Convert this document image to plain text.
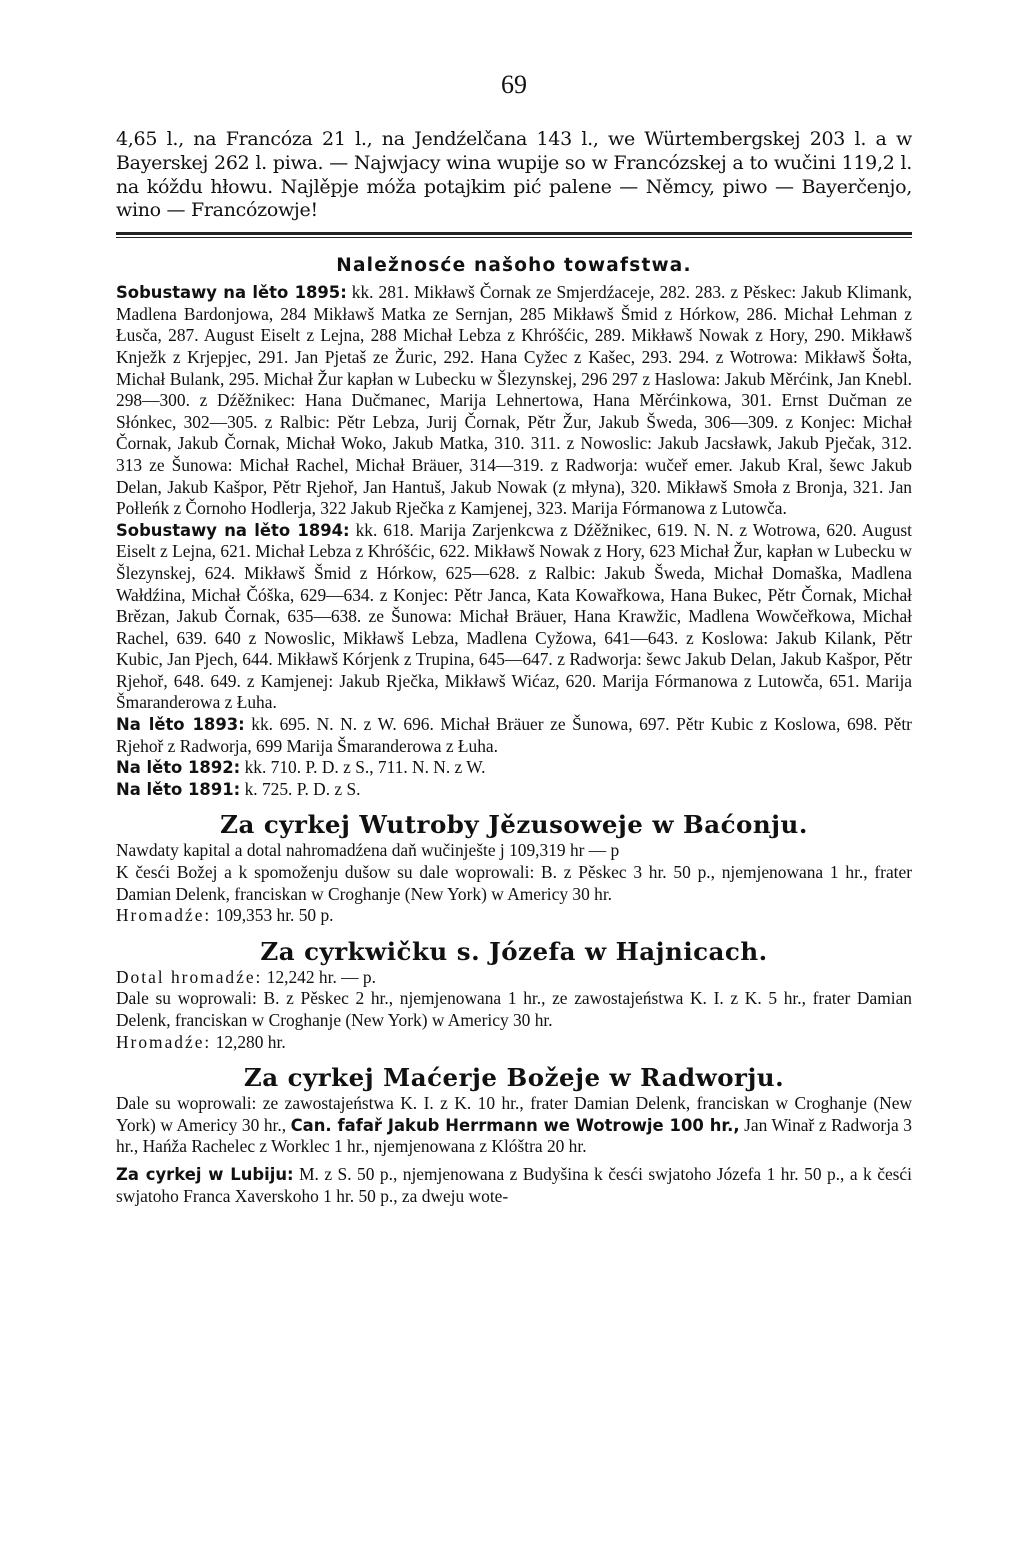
69

4,65 l., na Francóza 21 l., na Jendźelčana 143 l., we Würtembergskej 203 l. a w Bayerskej 262 l. piwa. — Najwjacy wina wupije so w Francózskej a to wučini 119,2 l. na kóždu hłowu. Najlěpje móža potajkim pić palene — Němcy, piwo — Bayerčenjo, wino — Francózowje!

Naležnosće našoho towafstwa.

Sobustawy na lěto 1895: kk. 281. Mikławš Čornak ze Smjerdźaceje, 282. 283. z Pěskec: Jakub Klimank, Madlena Bardonjowa, 284 Mikławš Matka ze Sernjan, 285 Mikławš Šmid z Hórkow, 286. Michał Lehman z Łusča, 287. August Eiselt z Lejna, 288 Michał Lebza z Khróšćic, 289. Mikławš Nowak z Hory, 290. Mikławš Knježk z Krjepjec, 291. Jan Pjetaš ze Žuric, 292. Hana Cyžec z Kašec, 293. 294. z Wotrowa: Mikławš Šołta, Michał Bulank, 295. Michał Žur kapłan w Lubecku w Šlezynskej, 296 297 z Haslowa: Jakub Měrćink, Jan Knebl. 298—300. z Dźěžnikec: Hana Dučmanec, Marija Lehnertowa, Hana Měrćinkowa, 301. Ernst Dučman ze Słónkec, 302—305. z Ralbic: Pětr Lebza, Jurij Čornak, Pětr Žur, Jakub Šweda, 306—309. z Konjec: Michał Čornak, Jakub Čornak, Michał Woko, Jakub Matka, 310. 311. z Nowoslic: Jakub Jacsławk, Jakub Pječak, 312. 313 ze Šunowa: Michał Rachel, Michał Bräuer, 314—319. z Radworja: wučeř emer. Jakub Kral, šewc Jakub Delan, Jakub Kašpor, Pětr Rjehoř, Jan Hantuš, Jakub Nowak (z młyna), 320. Mikławš Smoła z Bronja, 321. Jan Połleńk z Čornoho Hodlerja, 322 Jakub Rječka z Kamjenej, 323. Marija Fórmanowa z Lutowča.

Sobustawy na lěto 1894: kk. 618. Marija Zarjenkcwa z Dźěžnikec, 619. N. N. z Wotrowa, 620. August Eiselt z Lejna, 621. Michał Lebza z Khróšćic, 622. Mikławš Nowak z Hory, 623 Michał Žur, kapłan w Lubecku w Šlezynskej, 624. Mikławš Šmid z Hórkow, 625—628. z Ralbic: Jakub Šweda, Michał Domaška, Madlena Wałdźina, Michał Čóška, 629—634. z Konjec: Pětr Janca, Kata Kowařkowa, Hana Bukec, Pětr Čornak, Michał Brězan, Jakub Čornak, 635—638. ze Šunowa: Michał Bräuer, Hana Krawžic, Madlena Wowčeřkowa, Michał Rachel, 639. 640 z Nowoslic, Mikławš Lebza, Madlena Cyžowa, 641—643. z Koslowa: Jakub Kilank, Pětr Kubic, Jan Pjech, 644. Mikławš Kórjenk z Trupina, 645—647. z Radworja: šewc Jakub Delan, Jakub Kašpor, Pětr Rjehoř, 648. 649. z Kamjenej: Jakub Rječka, Mikławš Wićaz, 620. Marija Fórmanowa z Lutowča, 651. Marija Šmaranderowa z Łuha.

Na lěto 1893: kk. 695. N. N. z W. 696. Michał Bräuer ze Šunowa, 697. Pětr Kubic z Koslowa, 698. Pětr Rjehoř z Radworja, 699 Marija Šmaranderowa z Łuha.

Na lěto 1892: kk. 710. P. D. z S., 711. N. N. z W.

Na lěto 1891: k. 725. P. D. z S.

Za cyrkej Wutroby Jězusoweje w Baćonju.

Nawdaty kapital a dotal nahromadźena daň wučinješte j 109,319 hr — p

K česći Božej a k spomoženju dušow su dale woprowali: B. z Pěskec 3 hr. 50 p., njemjenowana 1 hr., frater Damian Delenk, franciskan w Croghanje (New York) w Americy 30 hr.

Hromadźe: 109,353 hr. 50 p.

Za cyrkwičku s. Józefa w Hajnicach.

Dotal hromadźe: 12,242 hr. — p.

Dale su woprowali: B. z Pěskec 2 hr., njemjenowana 1 hr., ze zawostajeństwa K. I. z K. 5 hr., frater Damian Delenk, franciskan w Croghanje (New York) w Americy 30 hr.

Hromadźe: 12,280 hr.

Za cyrkej Maćerje Božeje w Radworju.

Dale su woprowali: ze zawostajeństwa K. I. z K. 10 hr., frater Damian Delenk, franciskan w Croghanje (New York) w Americy 30 hr., Can. fafař Jakub Herrmann we Wotrowje 100 hr., Jan Winař z Radworja 3 hr., Hańža Rachelec z Worklec 1 hr., njemjenowana z Klóštra 20 hr.

Za cyrkej w Lubiju: M. z S. 50 p., njemjenowana z Budyšina k česći swjatoho Józefa 1 hr. 50 p., a k česći swjatoho Franca Xaverskoho 1 hr. 50 p., za dweju wote-
